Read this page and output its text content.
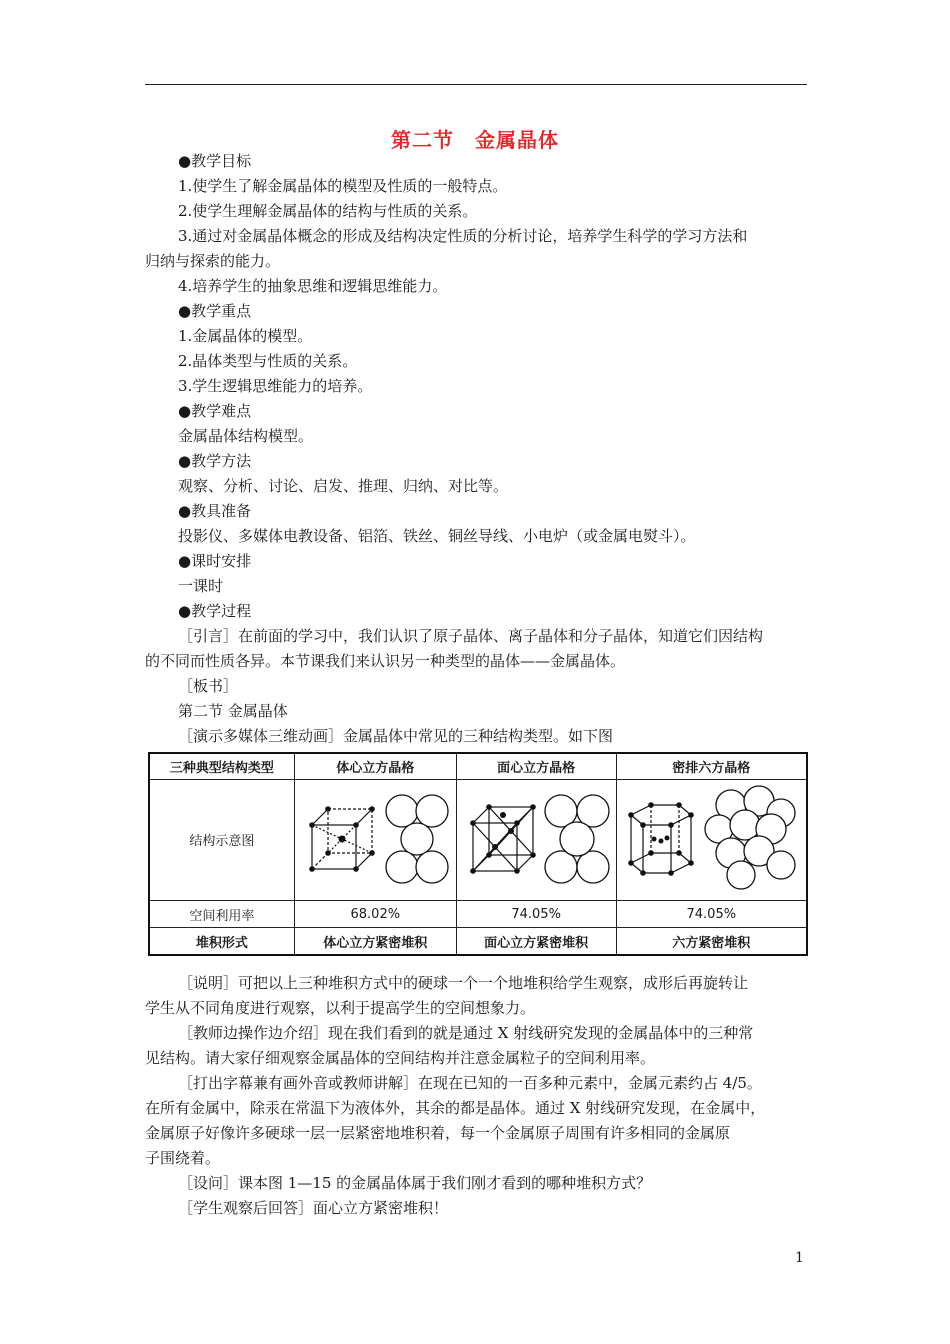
第二节　金属晶体
●教学目标
1.使学生了解金属晶体的模型及性质的一般特点。
2.使学生理解金属晶体的结构与性质的关系。
3.通过对金属晶体概念的形成及结构决定性质的分析讨论，培养学生科学的学习方法和
归纳与探索的能力。
4.培养学生的抽象思维和逻辑思维能力。
●教学重点
1.金属晶体的模型。
2.晶体类型与性质的关系。
3.学生逻辑思维能力的培养。
●教学难点
金属晶体结构模型。
●教学方法
观察、分析、讨论、启发、推理、归纳、对比等。
●教具准备
投影仪、多媒体电教设备、铝箔、铁丝、铜丝导线、小电炉（或金属电熨斗）。
●课时安排
一课时
●教学过程
［引言］在前面的学习中，我们认识了原子晶体、离子晶体和分子晶体，知道它们因结构
的不同而性质各异。本节课我们来认识另一种类型的晶体——金属晶体。
［板书］
第二节 金属晶体
［演示多媒体三维动画］金属晶体中常见的三种结构类型。如下图
三种典型结构类型	体心立方晶格	面心立方晶格	密排六方晶格
结构示意图			
空间利用率	68.02%	74.05%	74.05%
堆积形式	体心立方紧密堆积	面心立方紧密堆积	六方紧密堆积
［说明］可把以上三种堆积方式中的硬球一个一个地堆积给学生观察，成形后再旋转让
学生从不同角度进行观察，以利于提高学生的空间想象力。
［教师边操作边介绍］现在我们看到的就是通过 X 射线研究发现的金属晶体中的三种常
见结构。请大家仔细观察金属晶体的空间结构并注意金属粒子的空间利用率。
［打出字幕兼有画外音或教师讲解］在现在已知的一百多种元素中，金属元素约占 4/5。
在所有金属中，除汞在常温下为液体外，其余的都是晶体。通过 X 射线研究发现，在金属中，
金属原子好像许多硬球一层一层紧密地堆积着，每一个金属原子周围有许多相同的金属原
子围绕着。
［设问］课本图 1—15 的金属晶体属于我们刚才看到的哪种堆积方式？
［学生观察后回答］面心立方紧密堆积！
1
